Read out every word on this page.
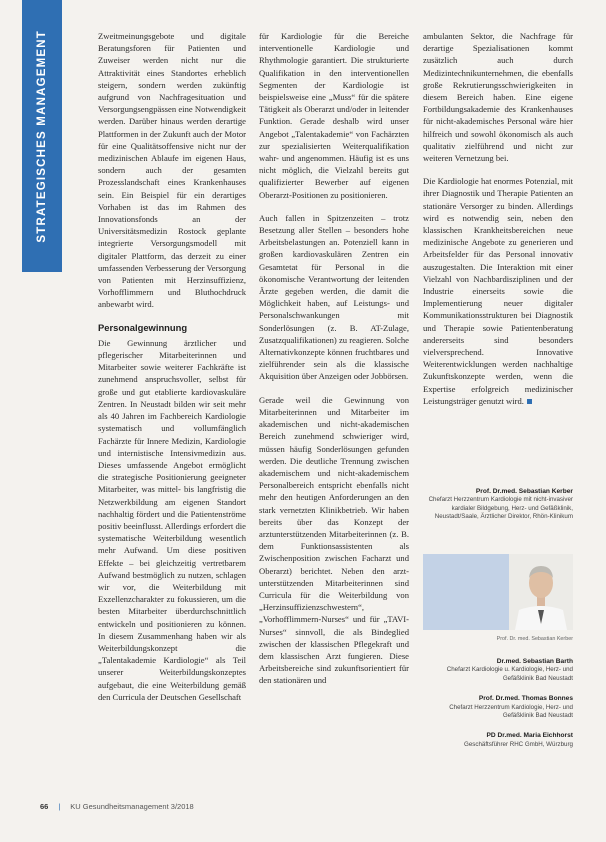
STRATEGISCHES MANAGEMENT	Zweitmeinungsgebote und digitale Beratungsforen für Patienten und Zuweiser werden nicht nur die Attraktivität eines Standortes erheblich steigern, sondern werden zukünftig aufgrund von Nachfragesituation und Versorgungsengpässen eine Notwendigkeit werden. Darüber hinaus werden derartige Plattformen in der Zukunft auch der Motor für eine Qualitätsoffensive nicht nur der medizinischen Ablaufe im eigenen Haus, sondern auch der gesamten Prozesslandschaft eines Krankenhauses sein. Ein Beispiel für ein derartiges Vorhaben ist das im Rahmen des Innovationsfonds an der Universitätsmedizin Rostock geplante integrierte Versorgungsmodell mit digitaler Plattform, das derzeit zu einer umfassenden Verbesserung der Versorgung von Patienten mit Herzinsuffizienz, Vorhofflimmern und Bluthochdruck anbewarbt wird.

Personalgewinnung

Die Gewinnung ärztlicher und pflegerischer Mitarbeiterinnen und Mitarbeiter sowie weiterer Fachkräfte ist zunehmend anspruchsvoller, selbst für große und gut etablierte kardiovaskuläre Zentren. In Neustadt bilden wir seit mehr als 40 Jahren im Fachbereich Kardiologie systematisch und vollumfänglich Fachärzte für Innere Medizin, Kardiologie und internistische Intensivmedizin aus. Dieses umfassende Angebot ermöglicht die strategische Positionierung geeigneter Mitarbeiter, was mittel- bis langfristig die Netzwerkbildung am eigenen Standort nachhaltig fördert und die Patientenströme positiv beeinflusst. Allerdings erfordert die systematische Weiterbildung wesentlich mehr Aufwand. Um diese positiven Effekte – bei gleichzeitig vertretbarem Aufwand bestmöglich zu nutzen, schlagen wir vor, die Weiterbildung mit Exzellenzcharakter zu fokussieren, um die besten Mitarbeiter überdurchschnittlich entwickeln und positionieren zu können. In diesem Zusammenhang haben wir als Weiterbildungskonzept die „Talentakademie Kardiologie“ als Teil unserer Weiterbildungskonzeptes aufgebaut, die eine Weiterbildung gemäß den Curricula der Deutschen Gesellschaft

für Kardiologie für die Bereiche interventionelle Kardiologie und Rhythmologie garantiert. Die strukturierte Qualifikation in den interventionellen Segmenten der Kardiologie ist beispielsweise eine „Muss“ für die spätere Tätigkeit als Oberarzt und/oder in leitender Funktion. Gerade deshalb wird unser Angebot „Talentakademie“ von Fachärzten zur spezialisierten Weiterqualifikation wahr- und angenommen. Häufig ist es uns nicht möglich, die Vielzahl bereits gut qualifizierter Bewerber auf eigenen Oberarzt-Positionen zu positionieren.

Auch fallen in Spitzenzeiten – trotz Besetzung aller Stellen – besonders hohe Arbeitsbelastungen an. Potenziell kann in großen kardiovaskulären Zentren ein Gesamtetat für Personal in die ökonomische Verantwortung der leitenden Ärzte gegeben werden, die damit die Möglichkeit haben, auf Leistungs- und Personalschwankungen mit Sonderlösungen (z. B. AT-Zulage, Zusatzqualifikationen) zu reagieren. Solche Alternativkonzepte können fruchtbares und zielführender sein als die klassische Akquisition über Anzeigen oder Jobbörsen.

Gerade weil die Gewinnung von Mitarbeiterinnen und Mitarbeiter im akademischen und nicht-akademischen Bereich zunehmend schwieriger wird, müssen häufig Sonderlösungen gefunden werden. Die deutliche Trennung zwischen akademischem und nicht-akademischem Personalbereich entspricht ebenfalls nicht mehr den heutigen Anforderungen an den stark vernetzten Klinikbetrieb. Wir haben bereits über das Konzept der arztunterstützenden Mitarbeiterinnen (z. B. dem Funktionsassistenten als Zwischenposition zwischen Facharzt und Oberarzt) berichtet. Neben den arzt-unterstützenden Mitarbeiterinnen sind Curricula für die Weiterbildung von „Herzinsuffizienzschwestern“, „Vorhofflimmern-Nurses“ und für „TAVI-Nurses“ sinnvoll, die als Bindeglied zwischen der klassischen Pflegekraft und dem klassischen Arzt fungieren. Diese Arbeitsbereiche sind zukunftsorientiert für den stationären und

ambulanten Sektor, die Nachfrage für derartige Spezialisationen kommt zusätzlich auch durch Medizintechnikunternehmen, die ebenfalls große Rekrutierungsschwierigkeiten in diesem Bereich haben. Eine eigene Fortbildungsakademie des Krankenhauses für nicht-akademisches Personal wäre hier hilfreich und sowohl ökonomisch als auch qualitativ zielführend und nicht zur weiteren Vernetzung bei.

Die Kardiologie hat enormes Potenzial, mit ihrer Diagnostik und Therapie Patienten an stationäre Versorger zu binden. Allerdings wird es notwendig sein, neben den klassischen Krankheitsbereichen neue medizinische Angebote zu generieren und Arbeitsfelder für das Personal innovativ auszugestalten. Die Interaktion mit einer Vielzahl von Nachbardisziplinen und der Industrie einerseits sowie die Implementierung neuer digitaler Kommunikationsstrukturen bei Diagnostik und Therapie sowie Patientenberatung andererseits sind besonders vielversprechend. Innovative Weiterentwicklungen werden nachhaltige Zukunftskonzepte werden, wenn die Expertise erfolgreich medizinischer Leistungsträger genutzt wird.

Prof. Dr.med. Sebastian Kerber
Chefarzt Herzzentrum Kardiologie mit nicht-invasiver kardialer Bildgebung, Herz- und Gefäßklinik, Neustadt/Saale, Ärztlicher Direktor, Rhön-Klinikum
Prof. Dr. med. Sebastian Kerber
Dr.med. Sebastian Barth
Chefarzt Kardiologie u. Kardiologie, Herz- und Gefäßklinik Bad Neustadt
Prof. Dr.med. Thomas Bonnes
Chefarzt Herzzentrum Kardiologie, Herz- und Gefäßklinik Bad Neustadt
PD Dr.med. Maria Eichhorst
Geschäftsführer RHC GmbH, Würzburg
66 | KU Gesundheitsmanagement 3/2018
